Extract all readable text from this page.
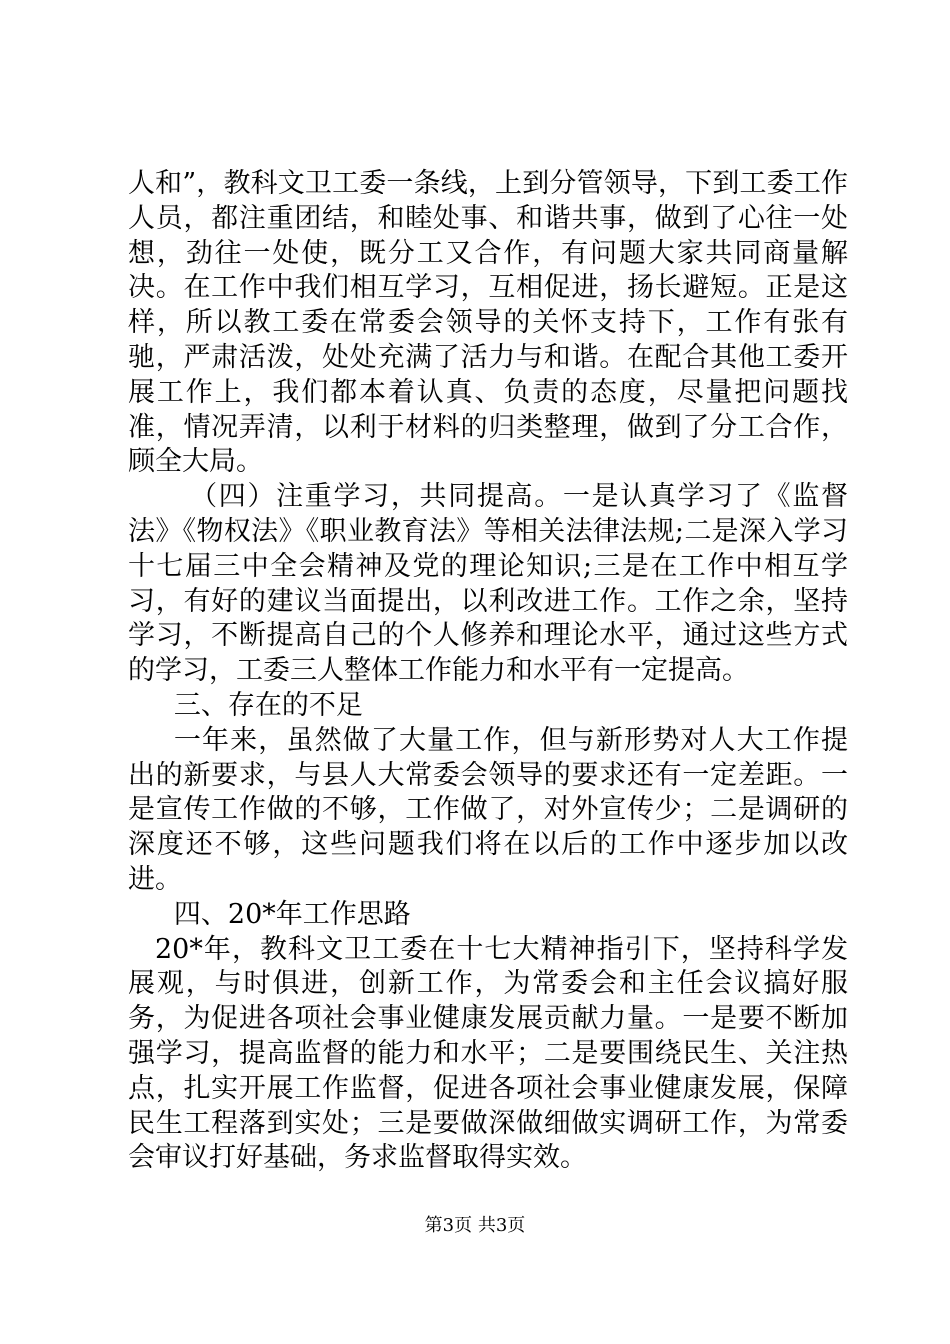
人和”，教科文卫工委一条线，上到分管领导，下到工委工作人员，都注重团结，和睦处事、和谐共事，做到了心往一处想，劲往一处使，既分工又合作，有问题大家共同商量解决。在工作中我们相互学习，互相促进，扬长避短。正是这样，所以教工委在常委会领导的关怀支持下，工作有张有驰，严肃活泼，处处充满了活力与和谐。在配合其他工委开展工作上，我们都本着认真、负责的态度，尽量把问题找准，情况弄清，以利于材料的归类整理，做到了分工合作，顾全大局。

（四）注重学习，共同提高。一是认真学习了《监督法》《物权法》《职业教育法》等相关法律法规;二是深入学习十七届三中全会精神及党的理论知识;三是在工作中相互学习，有好的建议当面提出，以利改进工作。工作之余，坚持学习，不断提高自己的个人修养和理论水平，通过这些方式的学习，工委三人整体工作能力和水平有一定提高。

三、存在的不足

一年来，虽然做了大量工作，但与新形势对人大工作提出的新要求，与县人大常委会领导的要求还有一定差距。一是宣传工作做的不够，工作做了，对外宣传少；二是调研的深度还不够，这些问题我们将在以后的工作中逐步加以改进。

四、20*年工作思路

20*年，教科文卫工委在十七大精神指引下，坚持科学发展观，与时俱进，创新工作，为常委会和主任会议搞好服务，为促进各项社会事业健康发展贡献力量。一是要不断加强学习，提高监督的能力和水平；二是要围绕民生、关注热点，扎实开展工作监督，促进各项社会事业健康发展，保障民生工程落到实处；三是要做深做细做实调研工作，为常委会审议打好基础，务求监督取得实效。

第3页 共3页
